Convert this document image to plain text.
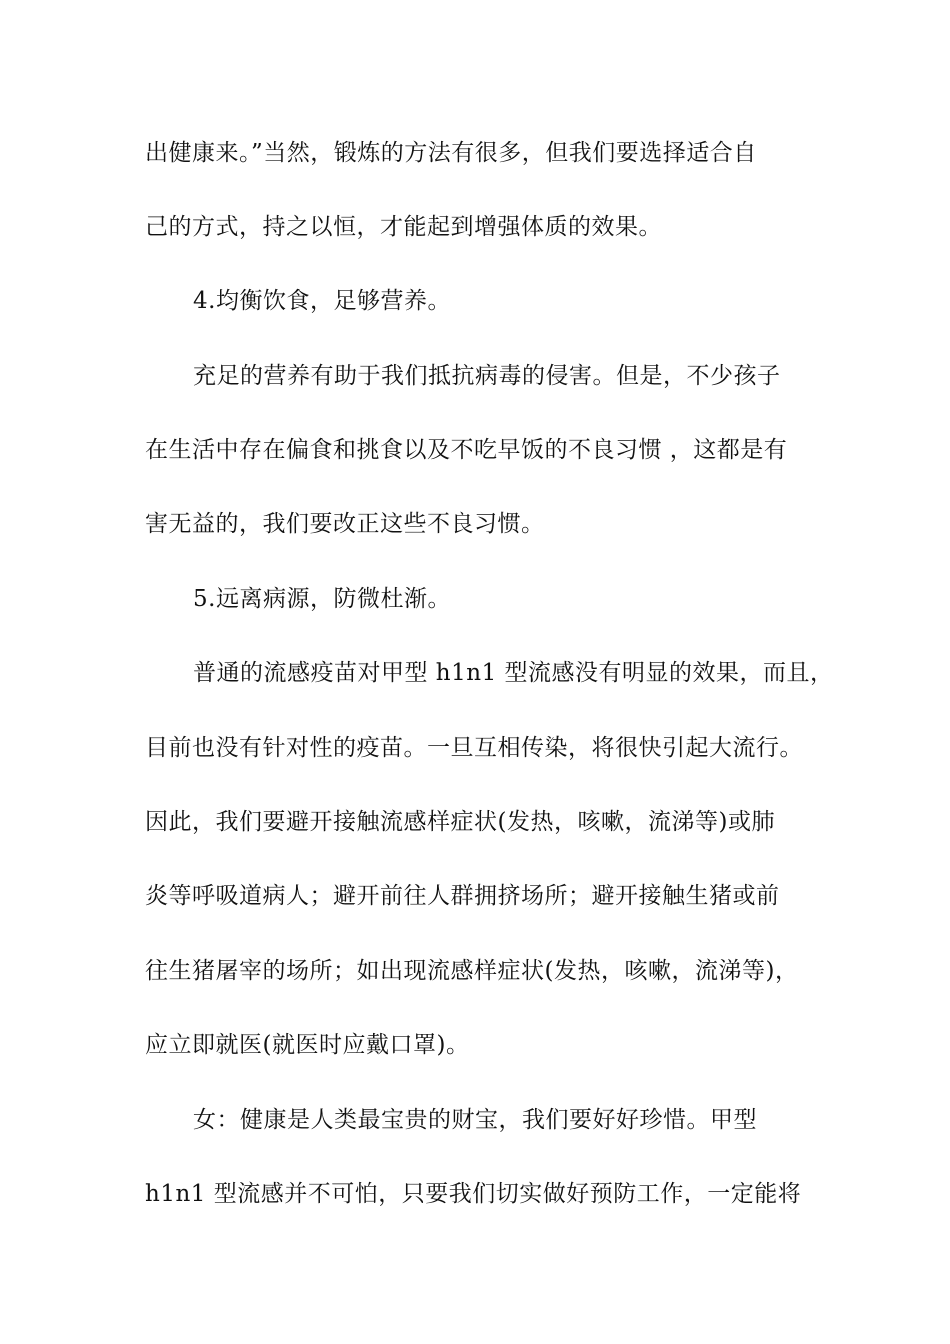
出健康来。”当然，锻炼的方法有很多，但我们要选择适合自
己的方式，持之以恒，才能起到增强体质的效果。
4.均衡饮食，足够营养。
充足的营养有助于我们抵抗病毒的侵害。但是，不少孩子
在生活中存在偏食和挑食以及不吃早饭的不良习惯 ，这都是有
害无益的，我们要改正这些不良习惯。
5.远离病源，防微杜渐。
普通的流感疫苗对甲型 h1n1 型流感没有明显的效果，而且，
目前也没有针对性的疫苗。一旦互相传染，将很快引起大流行。
因此，我们要避开接触流感样症状(发热，咳嗽，流涕等)或肺
炎等呼吸道病人；避开前往人群拥挤场所；避开接触生猪或前
往生猪屠宰的场所；如出现流感样症状(发热，咳嗽，流涕等)，
应立即就医(就医时应戴口罩)。
女：健康是人类最宝贵的财宝，我们要好好珍惜。甲型
h1n1 型流感并不可怕，只要我们切实做好预防工作，一定能将
